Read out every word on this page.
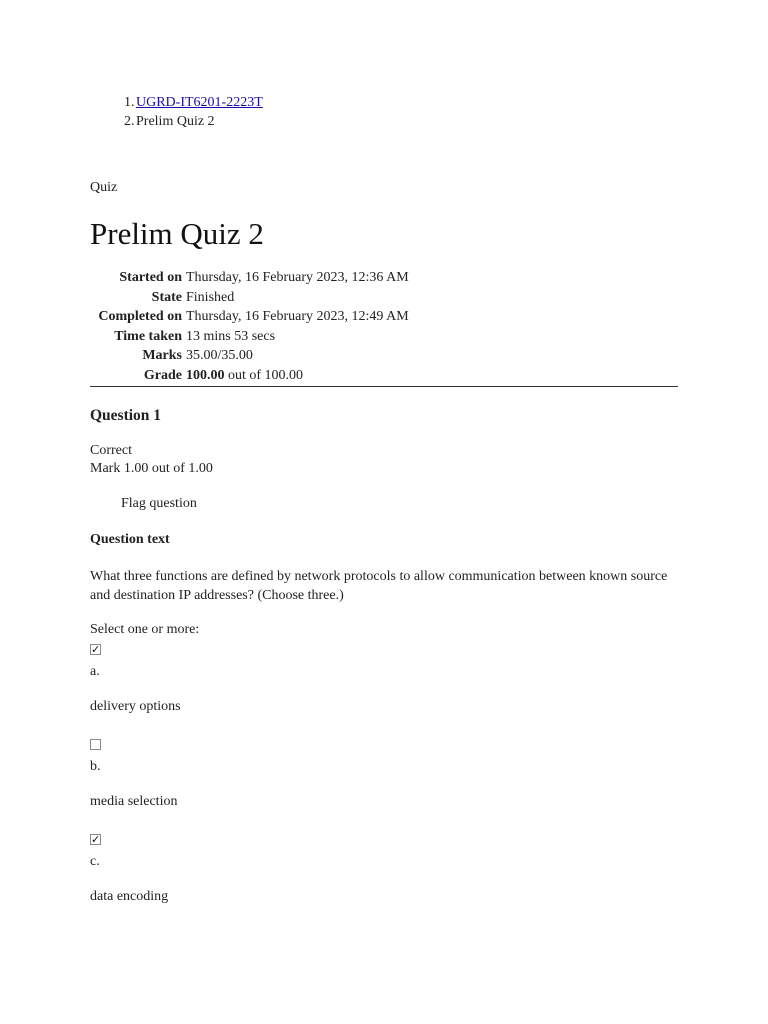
1. UGRD-IT6201-2223T
2. Prelim Quiz 2
Quiz
Prelim Quiz 2
Started on	Thursday, 16 February 2023, 12:36 AM
State	Finished
Completed on	Thursday, 16 February 2023, 12:49 AM
Time taken	13 mins 53 secs
Marks	35.00/35.00
Grade	100.00 out of 100.00
Question 1
Correct
Mark 1.00 out of 1.00
Flag question
Question text
What three functions are defined by network protocols to allow communication between known source and destination IP addresses? (Choose three.)
Select one or more:
✓
a.
delivery options
b.
media selection
✓
c.
data encoding
